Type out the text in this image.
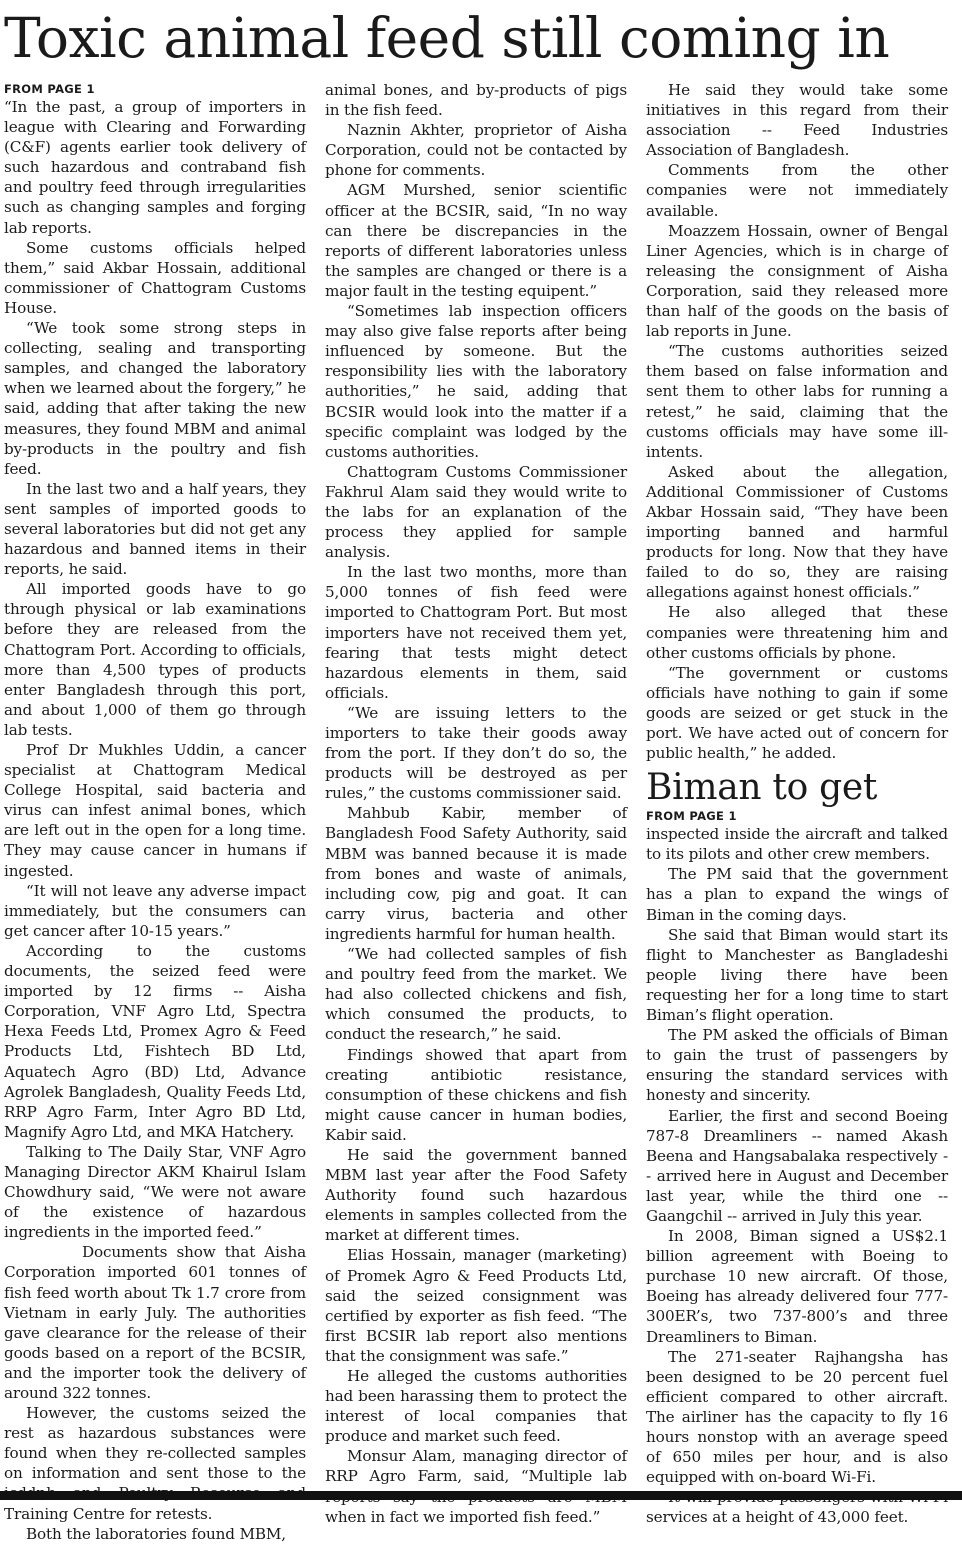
Toxic animal feed still coming in
FROM PAGE 1

“In the past, a group of importers in league with Clearing and Forwarding (C&F) agents earlier took delivery of such hazardous and contraband fish and poultry feed through irregularities such as changing samples and forging lab reports.

Some customs officials helped them,” said Akbar Hossain, additional commissioner of Chattogram Customs House.

“We took some strong steps in collecting, sealing and transporting samples, and changed the laboratory when we learned about the forgery,” he said, adding that after taking the new measures, they found MBM and animal by-products in the poultry and fish feed.

In the last two and a half years, they sent samples of imported goods to several laboratories but did not get any hazardous and banned items in their reports, he said.

All imported goods have to go through physical or lab examinations before they are released from the Chattogram Port. According to officials, more than 4,500 types of products enter Bangladesh through this port, and about 1,000 of them go through lab tests.

Prof Dr Mukhles Uddin, a cancer specialist at Chattogram Medical College Hospital, said bacteria and virus can infest animal bones, which are left out in the open for a long time. They may cause cancer in humans if ingested.

“It will not leave any adverse impact immediately, but the consumers can get cancer after 10-15 years.”

According to the customs documents, the seized feed were imported by 12 firms -- Aisha Corporation, VNF Agro Ltd, Spectra Hexa Feeds Ltd, Promex Agro & Feed Products Ltd, Fishtech BD Ltd, Aquatech Agro (BD) Ltd, Advance Agrolek Bangladesh, Quality Feeds Ltd, RRP Agro Farm, Inter Agro BD Ltd, Magnify Agro Ltd, and MKA Hatchery.

Talking to The Daily Star, VNF Agro Managing Director AKM Khairul Islam Chowdhury said, “We were not aware of the existence of hazardous ingredients in the imported feed.”

Documents show that Aisha Corporation imported 601 tonnes of fish feed worth about Tk 1.7 crore from Vietnam in early July. The authorities gave clearance for the release of their goods based on a report of the BCSIR, and the importer took the delivery of around 322 tonnes.

However, the customs seized the rest as hazardous substances were found when they re-collected samples on information and sent those to the Training Centre for retests.

Both the laboratories found MBM,

animal bones, and by-products of pigs in the fish feed.

Naznin Akhter, proprietor of Aisha Corporation, could not be contacted by phone for comments.

AGM Murshed, senior scientific officer at the BCSIR, said, “In no way can there be discrepancies in the reports of different laboratories unless the samples are changed or there is a major fault in the testing equipent.”

“Sometimes lab inspection officers may also give false reports after being influenced by someone. But the responsibility lies with the laboratory authorities,” he said, adding that BCSIR would look into the matter if a specific complaint was lodged by the customs authorities.

Chattogram Customs Commissioner Fakhrul Alam said they would write to the labs for an explanation of the process they applied for sample analysis.

In the last two months, more than 5,000 tonnes of fish feed were imported to Chattogram Port. But most importers have not received them yet, fearing that tests might detect hazardous elements in them, said officials.

“We are issuing letters to the importers to take their goods away from the port. If they don’t do so, the products will be destroyed as per rules,” the customs commissioner said.

Mahbub Kabir, member of Bangladesh Food Safety Authority, said MBM was banned because it is made from bones and waste of animals, including cow, pig and goat. It can carry virus, bacteria and other ingredients harmful for human health.

“We had collected samples of fish and poultry feed from the market. We had also collected chickens and fish, which consumed the products, to conduct the research,” he said.

Findings showed that apart from creating antibiotic resistance, consumption of these chickens and fish might cause cancer in human bodies, Kabir said.

He said the government banned MBM last year after the Food Safety Authority found such hazardous elements in samples collected from the market at different times.

Elias Hossain, manager (marketing) of Promek Agro & Feed Products Ltd, said the seized consignment was certified by exporter as fish feed. “The first BCSIR lab report also mentions that the consignment was safe.”

He alleged the customs authorities had been harassing them to protect the interest of local companies that produce and market such feed.

Monsur Alam, managing director of RRP Agro Farm, said, “Multiple lab when in fact we imported fish feed.”

He said they would take some initiatives in this regard from their association -- Feed Industries Association of Bangladesh.

Comments from the other companies were not immediately available.

Moazzem Hossain, owner of Bengal Liner Agencies, which is in charge of releasing the consignment of Aisha Corporation, said they released more than half of the goods on the basis of lab reports in June.

“The customs authorities seized them based on false information and sent them to other labs for running a retest,” he said, claiming that the customs officials may have some ill-intents.

Asked about the allegation, Additional Commissioner of Customs Akbar Hossain said, “They have been importing banned and harmful products for long. Now that they have failed to do so, they are raising allegations against honest officials.”

He also alleged that these companies were threatening him and other customs officials by phone.

“The government or customs officials have nothing to gain if some goods are seized or get stuck in the port. We have acted out of concern for public health,” he added.

Biman to get
FROM PAGE 1

inspected inside the aircraft and talked to its pilots and other crew members.

The PM said that the government has a plan to expand the wings of Biman in the coming days.

She said that Biman would start its flight to Manchester as Bangladeshi people living there have been requesting her for a long time to start Biman’s flight operation.

The PM asked the officials of Biman to gain the trust of passengers by ensuring the standard services with honesty and sincerity.

Earlier, the first and second Boeing 787-8 Dreamliners -- named Akash Beena and Hangsabalaka respectively -- arrived here in August and December last year, while the third one -- Gaangchil -- arrived in July this year.

In 2008, Biman signed a US$2.1 billion agreement with Boeing to purchase 10 new aircraft. Of those, Boeing has already delivered four 777-300ER’s, two 737-800’s and three Dreamliners to Biman.

The 271-seater Rajhangsha has been designed to be 20 percent fuel efficient compared to other aircraft. The airliner has the capacity to fly 16 hours nonstop with an average speed of 650 miles per hour, and is also equipped with on-board Wi-Fi.

services at a height of 43,000 feet.
